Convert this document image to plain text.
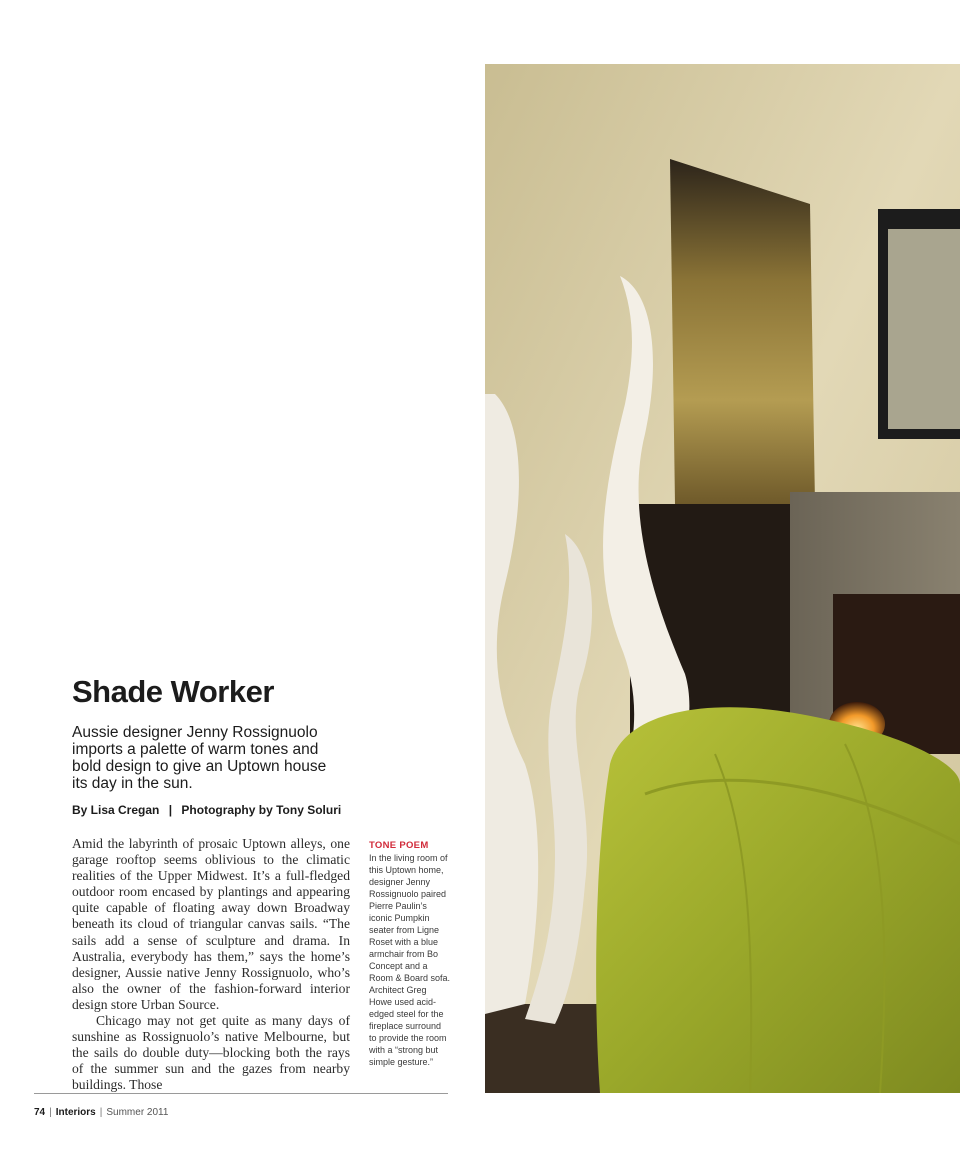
Shade Worker

Aussie designer Jenny Rossignuolo imports a palette of warm tones and bold design to give an Uptown house its day in the sun.

By Lisa Cregan | Photography by Tony Soluri

Amid the labyrinth of prosaic Uptown alleys, one garage rooftop seems oblivious to the climatic realities of the Upper Midwest. It’s a full-fledged outdoor room encased by plantings and appearing quite capable of floating away down Broadway beneath its cloud of triangular canvas sails. “The sails add a sense of sculpture and drama. In Australia, everybody has them,” says the home’s designer, Aussie native Jenny Rossignuolo, who’s also the owner of the fashion-forward interior design store Urban Source.

Chicago may not get quite as many days of sunshine as Rossignuolo’s native Melbourne, but the sails do double duty—blocking both the rays of the summer sun and the gazes from nearby buildings. Those

TONE POEM
In the living room of this Uptown home, designer Jenny Rossignuolo paired Pierre Paulin’s iconic Pumpkin seater from Ligne Roset with a blue armchair from Bo Concept and a Room & Board sofa. Architect Greg Howe used acid-edged steel for the fireplace surround to provide the room with a “strong but simple gesture.”
74 | Interiors | Summer 2011
